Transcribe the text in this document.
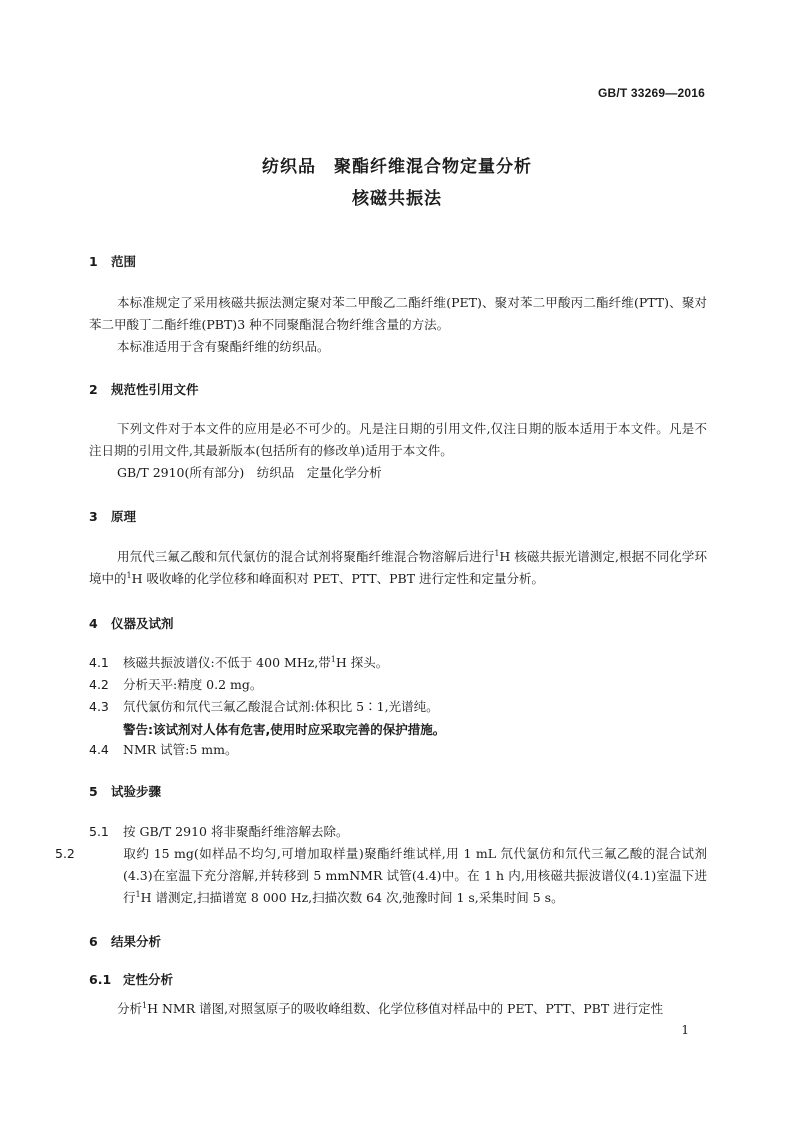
GB/T 33269—2016
纺织品　聚酯纤维混合物定量分析
核磁共振法
1 范围
本标准规定了采用核磁共振法测定聚对苯二甲酸乙二酯纤维(PET)、聚对苯二甲酸丙二酯纤维(PTT)、聚对苯二甲酸丁二酯纤维(PBT)3 种不同聚酯混合物纤维含量的方法。
本标准适用于含有聚酯纤维的纺织品。
2 规范性引用文件
下列文件对于本文件的应用是必不可少的。凡是注日期的引用文件,仅注日期的版本适用于本文件。凡是不注日期的引用文件,其最新版本(包括所有的修改单)适用于本文件。
GB/T 2910(所有部分)　纺织品　定量化学分析
3 原理
用氘代三氟乙酸和氘代氯仿的混合试剂将聚酯纤维混合物溶解后进行$^1$H 核磁共振光谱测定,根据不同化学环境中的$^1$H 吸收峰的化学位移和峰面积对 PET、PTT、PBT 进行定性和定量分析。
4 仪器及试剂
4.1 核磁共振波谱仪:不低于 400 MHz,带$^1$H 探头。
4.2 分析天平:精度 0.2 mg。
4.3 氘代氯仿和氘代三氟乙酸混合试剂:体积比 5∶1,光谱纯。
警告:该试剂对人体有危害,使用时应采取完善的保护措施。
4.4 NMR 试管:5 mm。
5 试验步骤
5.1 按 GB/T 2910 将非聚酯纤维溶解去除。
5.2	取约 15 mg(如样品不均匀,可增加取样量)聚酯纤维试样,用 1 mL 氘代氯仿和氘代三氟乙酸的混合试剂(4.3)在室温下充分溶解,并转移到 5 mmNMR 试管(4.4)中。在 1 h 内,用核磁共振波谱仪(4.1)室温下进行$^1$H 谱测定,扫描谱宽 8 000 Hz,扫描次数 64 次,弛豫时间 1 s,采集时间 5 s。
6 结果分析
6.1 定性分析
分析$^1$H NMR 谱图,对照氢原子的吸收峰组数、化学位移值对样品中的 PET、PTT、PBT 进行定性
1
